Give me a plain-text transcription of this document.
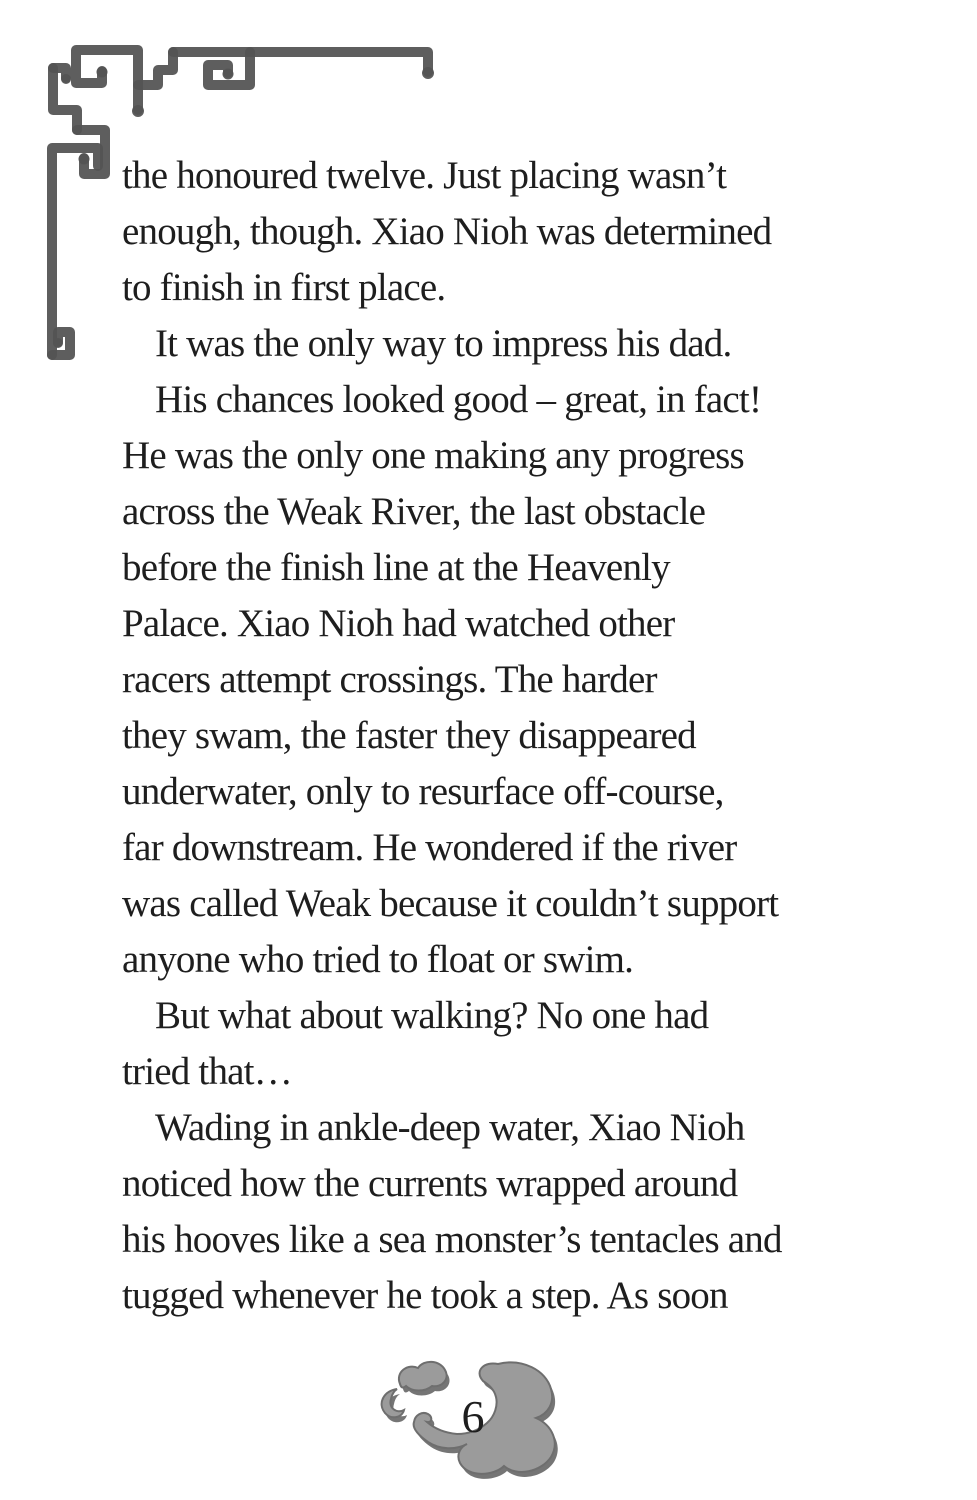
the honoured twelve. Just placing wasn’t
enough, though. Xiao Nioh was determined
to finish in first place.
It was the only way to impress his dad.
His chances looked good – great, in fact!
He was the only one making any progress
across the Weak River, the last obstacle
before the finish line at the Heavenly
Palace. Xiao Nioh had watched other
racers attempt crossings. The harder
they swam, the faster they disappeared
underwater, only to resurface off-course,
far downstream. He wondered if the river
was called Weak because it couldn’t support
anyone who tried to float or swim.
But what about walking? No one had
tried that…
Wading in ankle-deep water, Xiao Nioh
noticed how the currents wrapped around
his hooves like a sea monster’s tentacles and
tugged whenever he took a step. As soon
6
